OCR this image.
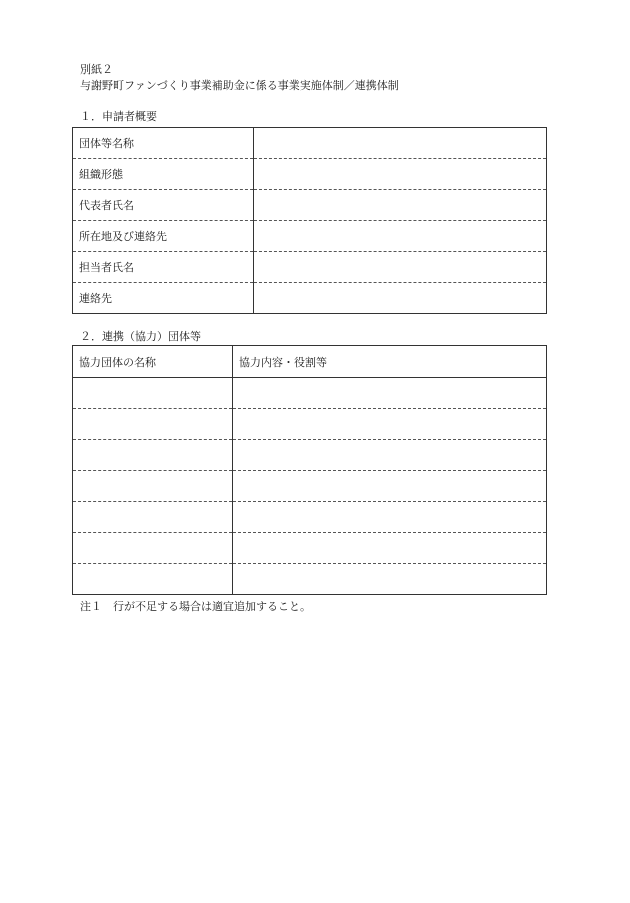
別紙２
与謝野町ファンづくり事業補助金に係る事業実施体制／連携体制
１．申請者概要
団体等名称	
組織形態	
代表者氏名	
所在地及び連絡先	
担当者氏名	
連絡先	
２．連携（協力）団体等
協力団体の名称	協力内容・役割等

注１　行が不足する場合は適宜追加すること。
